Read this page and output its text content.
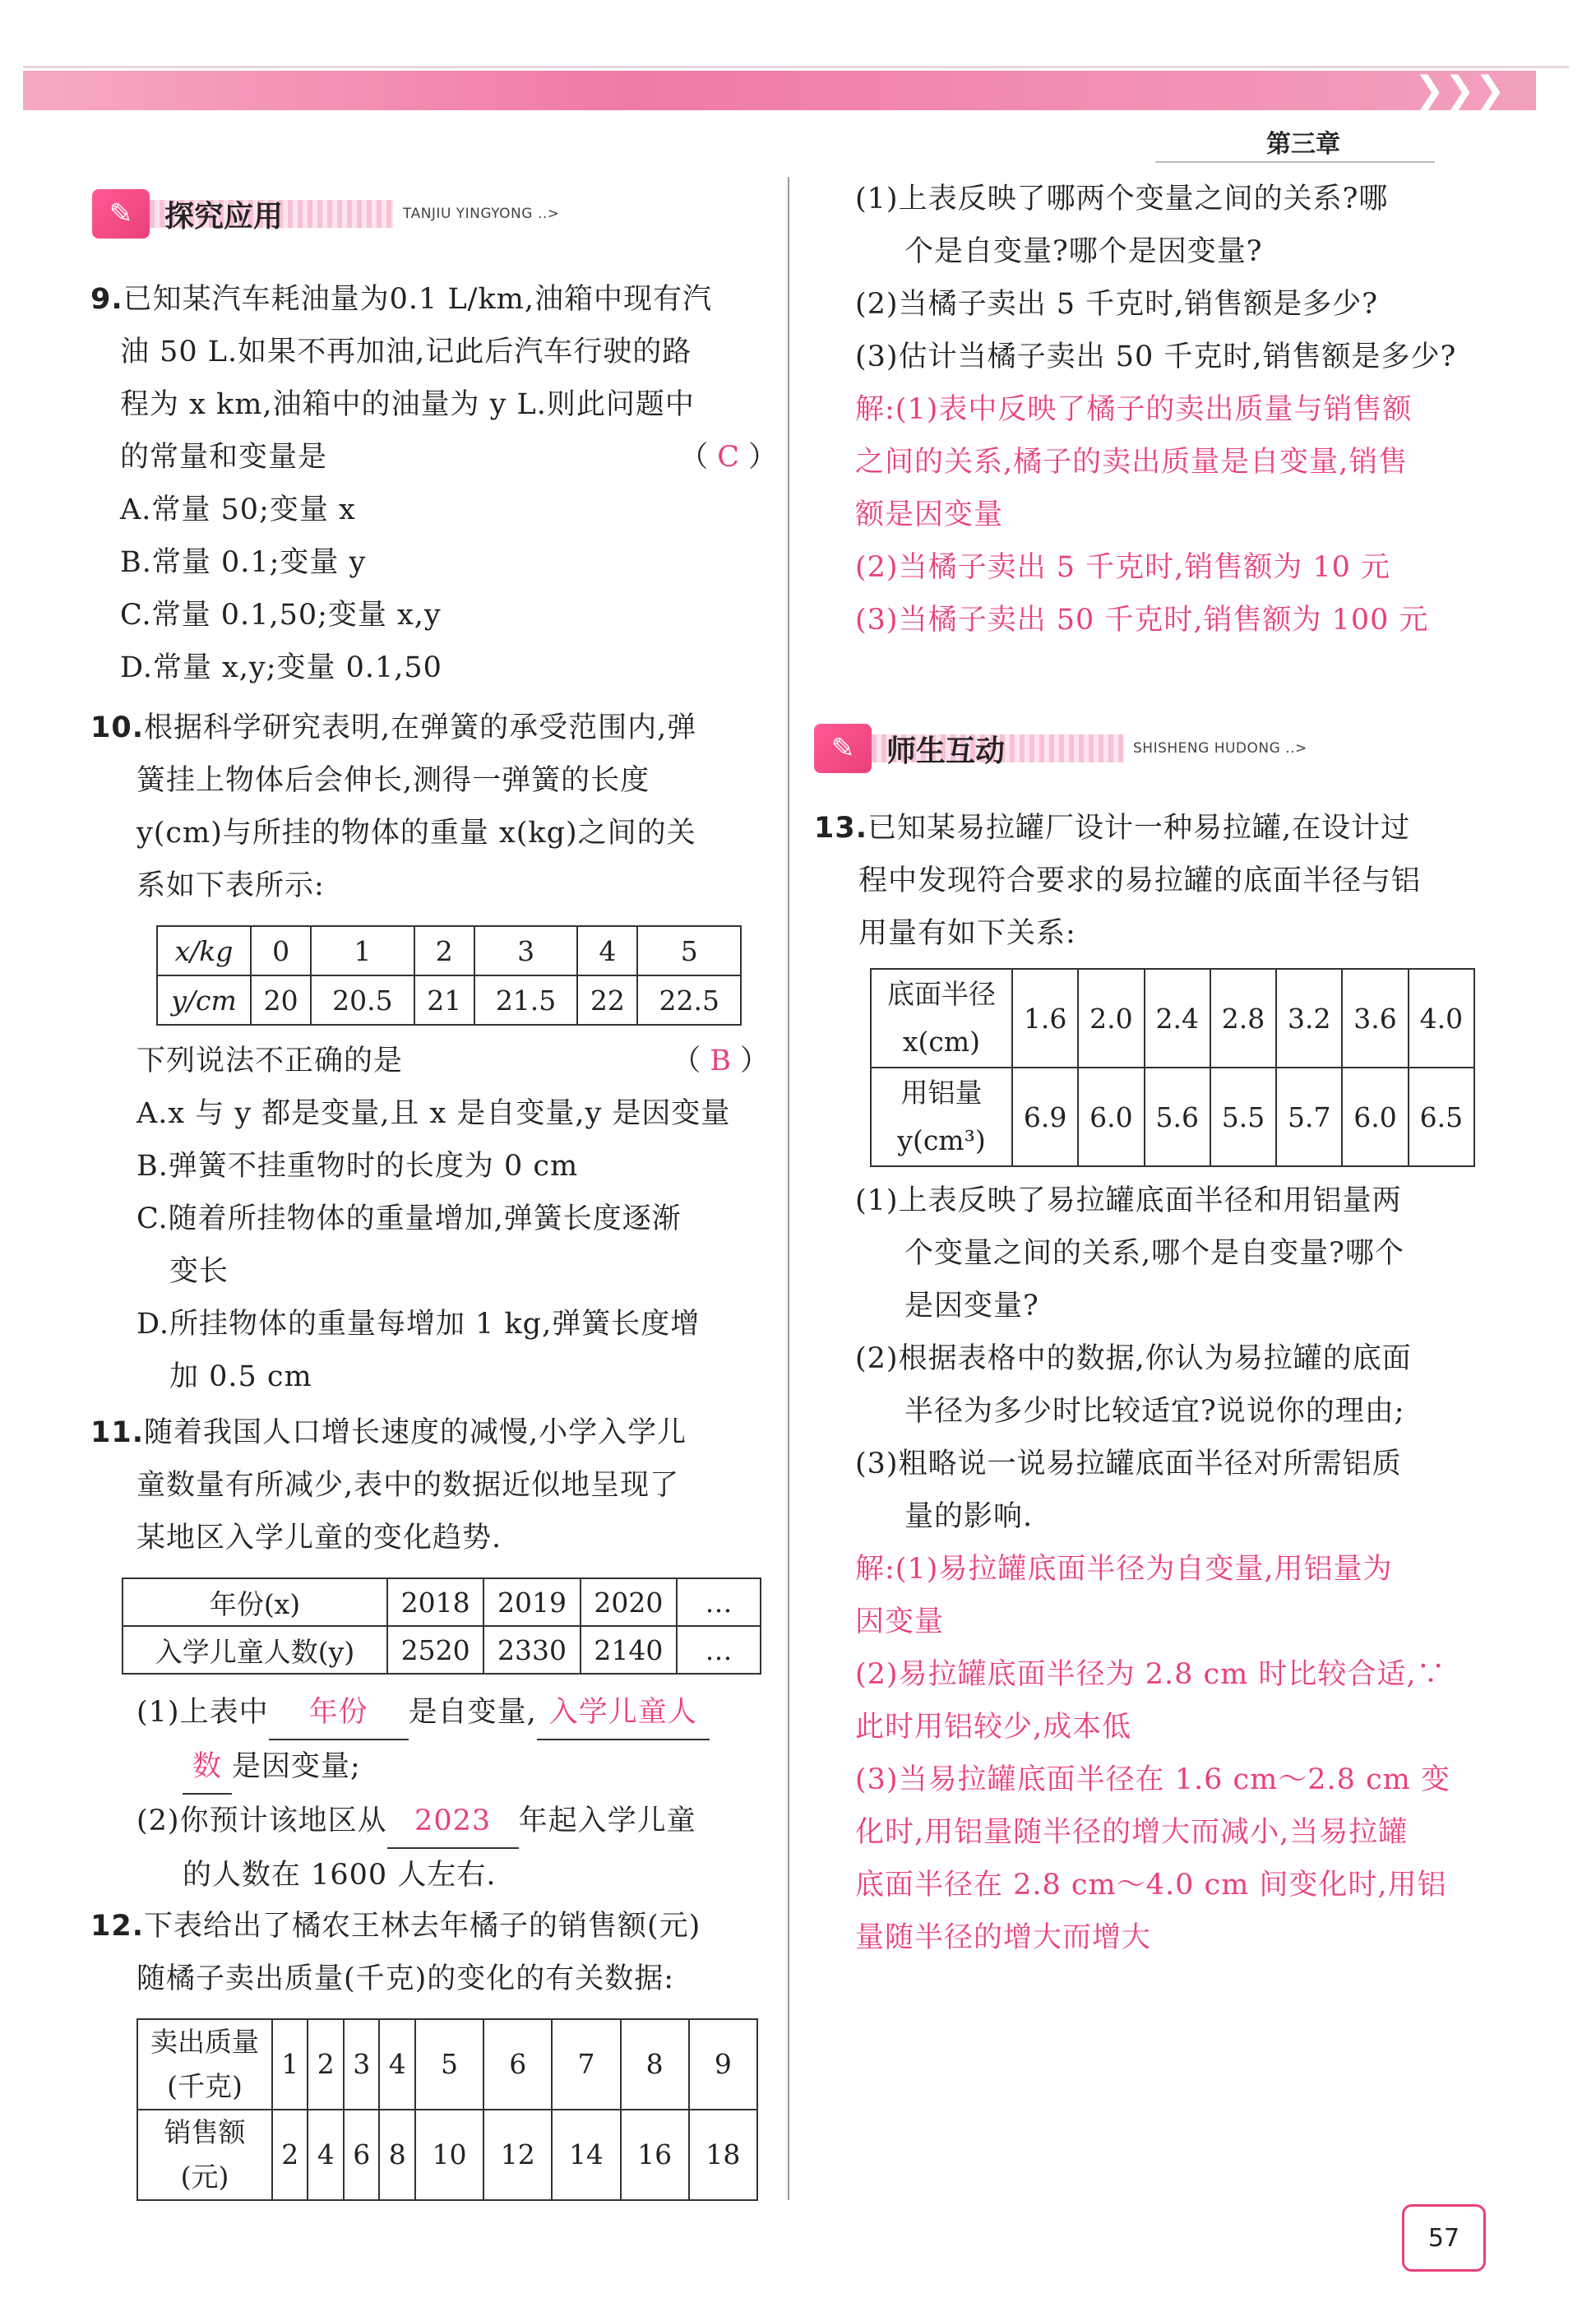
❯❯❯
第三章
✎	探究应用	TANJIU YINGYONG ..>
9.已知某汽车耗油量为0.1 L/km,油箱中现有汽
油 50 L.如果不再加油,记此后汽车行驶的路
程为 x km,油箱中的油量为 y L.则此问题中
的常量和变量是	（ C ）
A.常量 50;变量 x
B.常量 0.1;变量 y
C.常量 0.1,50;变量 x,y
D.常量 x,y;变量 0.1,50
10.根据科学研究表明,在弹簧的承受范围内,弹
簧挂上物体后会伸长,测得一弹簧的长度
y(cm)与所挂的物体的重量 x(kg)之间的关
系如下表所示:
x/kg	0	1	2	3	4	5
y/cm	20	20.5	21	21.5	22	22.5
下列说法不正确的是	（ B ）
A.x 与 y 都是变量,且 x 是自变量,y 是因变量
B.弹簧不挂重物时的长度为 0 cm
C.随着所挂物体的重量增加,弹簧长度逐渐
变长
D.所挂物体的重量每增加 1 kg,弹簧长度增
加 0.5 cm
11.随着我国人口增长速度的减慢,小学入学儿
童数量有所减少,表中的数据近似地呈现了
某地区入学儿童的变化趋势.
年份(x)	2018	2019	2020	…
入学儿童人数(y)	2520	2330	2140	…
(1)上表中 年份 是自变量, 入学儿童人
数 是因变量;
(2)你预计该地区从 2023 年起入学儿童
的人数在 1600 人左右.
12.下表给出了橘农王林去年橘子的销售额(元)
随橘子卖出质量(千克)的变化的有关数据:
卖出质量
(千克)	1	2	3	4	5	6	7	8	9

销售额
(元)	2	4	6	8	10	12	14	16	18
(1)上表反映了哪两个变量之间的关系?哪
个是自变量?哪个是因变量?
(2)当橘子卖出 5 千克时,销售额是多少?
(3)估计当橘子卖出 50 千克时,销售额是多少?
解:(1)表中反映了橘子的卖出质量与销售额
之间的关系,橘子的卖出质量是自变量,销售
额是因变量
(2)当橘子卖出 5 千克时,销售额为 10 元
(3)当橘子卖出 50 千克时,销售额为 100 元
✎	师生互动	SHISHENG HUDONG ..>
13.已知某易拉罐厂设计一种易拉罐,在设计过
程中发现符合要求的易拉罐的底面半径与铝
用量有如下关系:
底面半径
x(cm)	1.6	2.0	2.4	2.8	3.2	3.6	4.0

用铝量
y(cm³)	6.9	6.0	5.6	5.5	5.7	6.0	6.5
(1)上表反映了易拉罐底面半径和用铝量两
个变量之间的关系,哪个是自变量?哪个
是因变量?
(2)根据表格中的数据,你认为易拉罐的底面
半径为多少时比较适宜?说说你的理由;
(3)粗略说一说易拉罐底面半径对所需铝质
量的影响.
解:(1)易拉罐底面半径为自变量,用铝量为
因变量
(2)易拉罐底面半径为 2.8 cm 时比较合适,∵
此时用铝较少,成本低
(3)当易拉罐底面半径在 1.6 cm～2.8 cm 变
化时,用铝量随半径的增大而减小,当易拉罐
底面半径在 2.8 cm～4.0 cm 间变化时,用铝
量随半径的增大而增大
57
